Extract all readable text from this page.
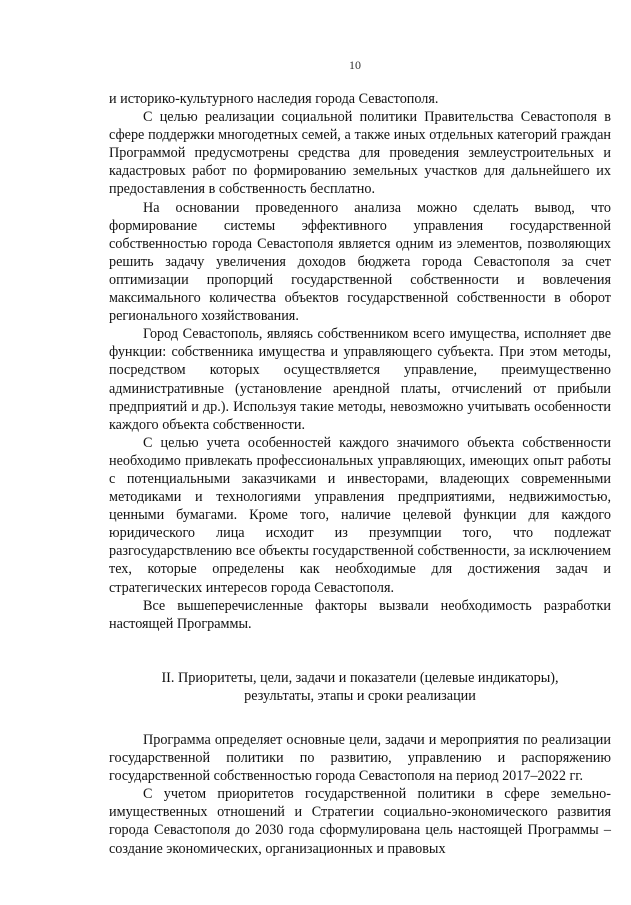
10

и историко-культурного наследия города Севастополя.

С целью реализации социальной политики Правительства Севастополя в сфере поддержки многодетных семей, а также иных отдельных категорий граждан Программой предусмотрены средства для проведения землеустроительных и кадастровых работ по формированию земельных участков для дальнейшего их предоставления в собственность бесплатно.

На основании проведенного анализа можно сделать вывод, что формирование системы эффективного управления государственной собственностью города Севастополя является одним из элементов, позволяющих решить задачу увеличения доходов бюджета города Севастополя за счет оптимизации пропорций государственной собственности и вовлечения максимального количества объектов государственной собственности в оборот регионального хозяйствования.

Город Севастополь, являясь собственником всего имущества, исполняет две функции: собственника имущества и управляющего субъекта. При этом методы, посредством которых осуществляется управление, преимущественно административные (установление арендной платы, отчислений от прибыли предприятий и др.). Используя такие методы, невозможно учитывать особенности каждого объекта собственности.

С целью учета особенностей каждого значимого объекта собственности необходимо привлекать профессиональных управляющих, имеющих опыт работы с потенциальными заказчиками и инвесторами, владеющих современными методиками и технологиями управления предприятиями, недвижимостью, ценными бумагами. Кроме того, наличие целевой функции для каждого юридического лица исходит из презумпции того, что подлежат разгосударствлению все объекты государственной собственности, за исключением тех, которые определены как необходимые для достижения задач и стратегических интересов города Севастополя.

Все вышеперечисленные факторы вызвали необходимость разработки настоящей Программы.

II. Приоритеты, цели, задачи и показатели (целевые индикаторы), результаты, этапы и сроки реализации

Программа определяет основные цели, задачи и мероприятия по реализации государственной политики по развитию, управлению и распоряжению государственной собственностью города Севастополя на период 2017–2022 гг.

С учетом приоритетов государственной политики в сфере земельно-имущественных отношений и Стратегии социально-экономического развития города Севастополя до 2030 года сформулирована цель настоящей Программы – создание экономических, организационных и правовых
